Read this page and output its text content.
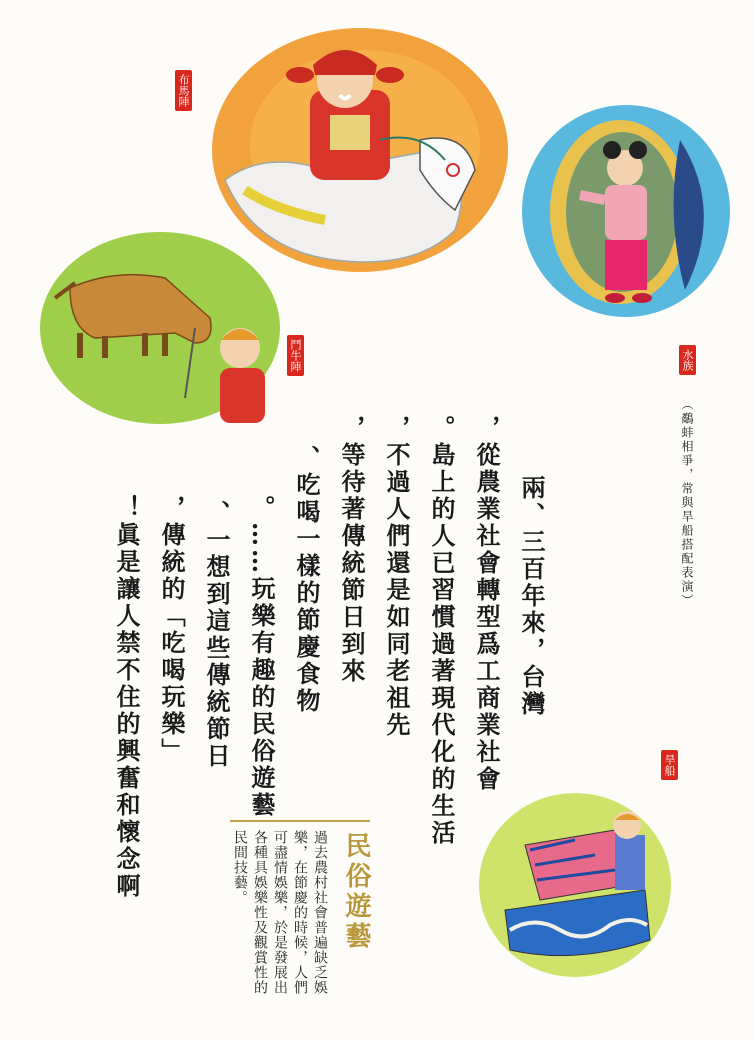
布馬陣
水族
（鷸蚌相爭，常與旱船搭配表演）
鬥牛陣
旱船
兩、三百年來，台灣
從農業社會轉型爲工商業社會，
島上的人已習慣過著現代化的生活。
不過人們還是如同老祖先，
等待著傳統節日到來，
吃喝一樣的節慶食物、
玩樂有趣的民俗遊藝……。
一想到這些傳統節日、
傳統的「吃喝玩樂」，
眞是讓人禁不住的興奮和懷念啊！	民俗遊藝
過去農村社會普遍缺乏娛樂，在節慶的時候，人們可盡情娛樂，於是發展出各種具娛樂性及觀賞性的民間技藝。
